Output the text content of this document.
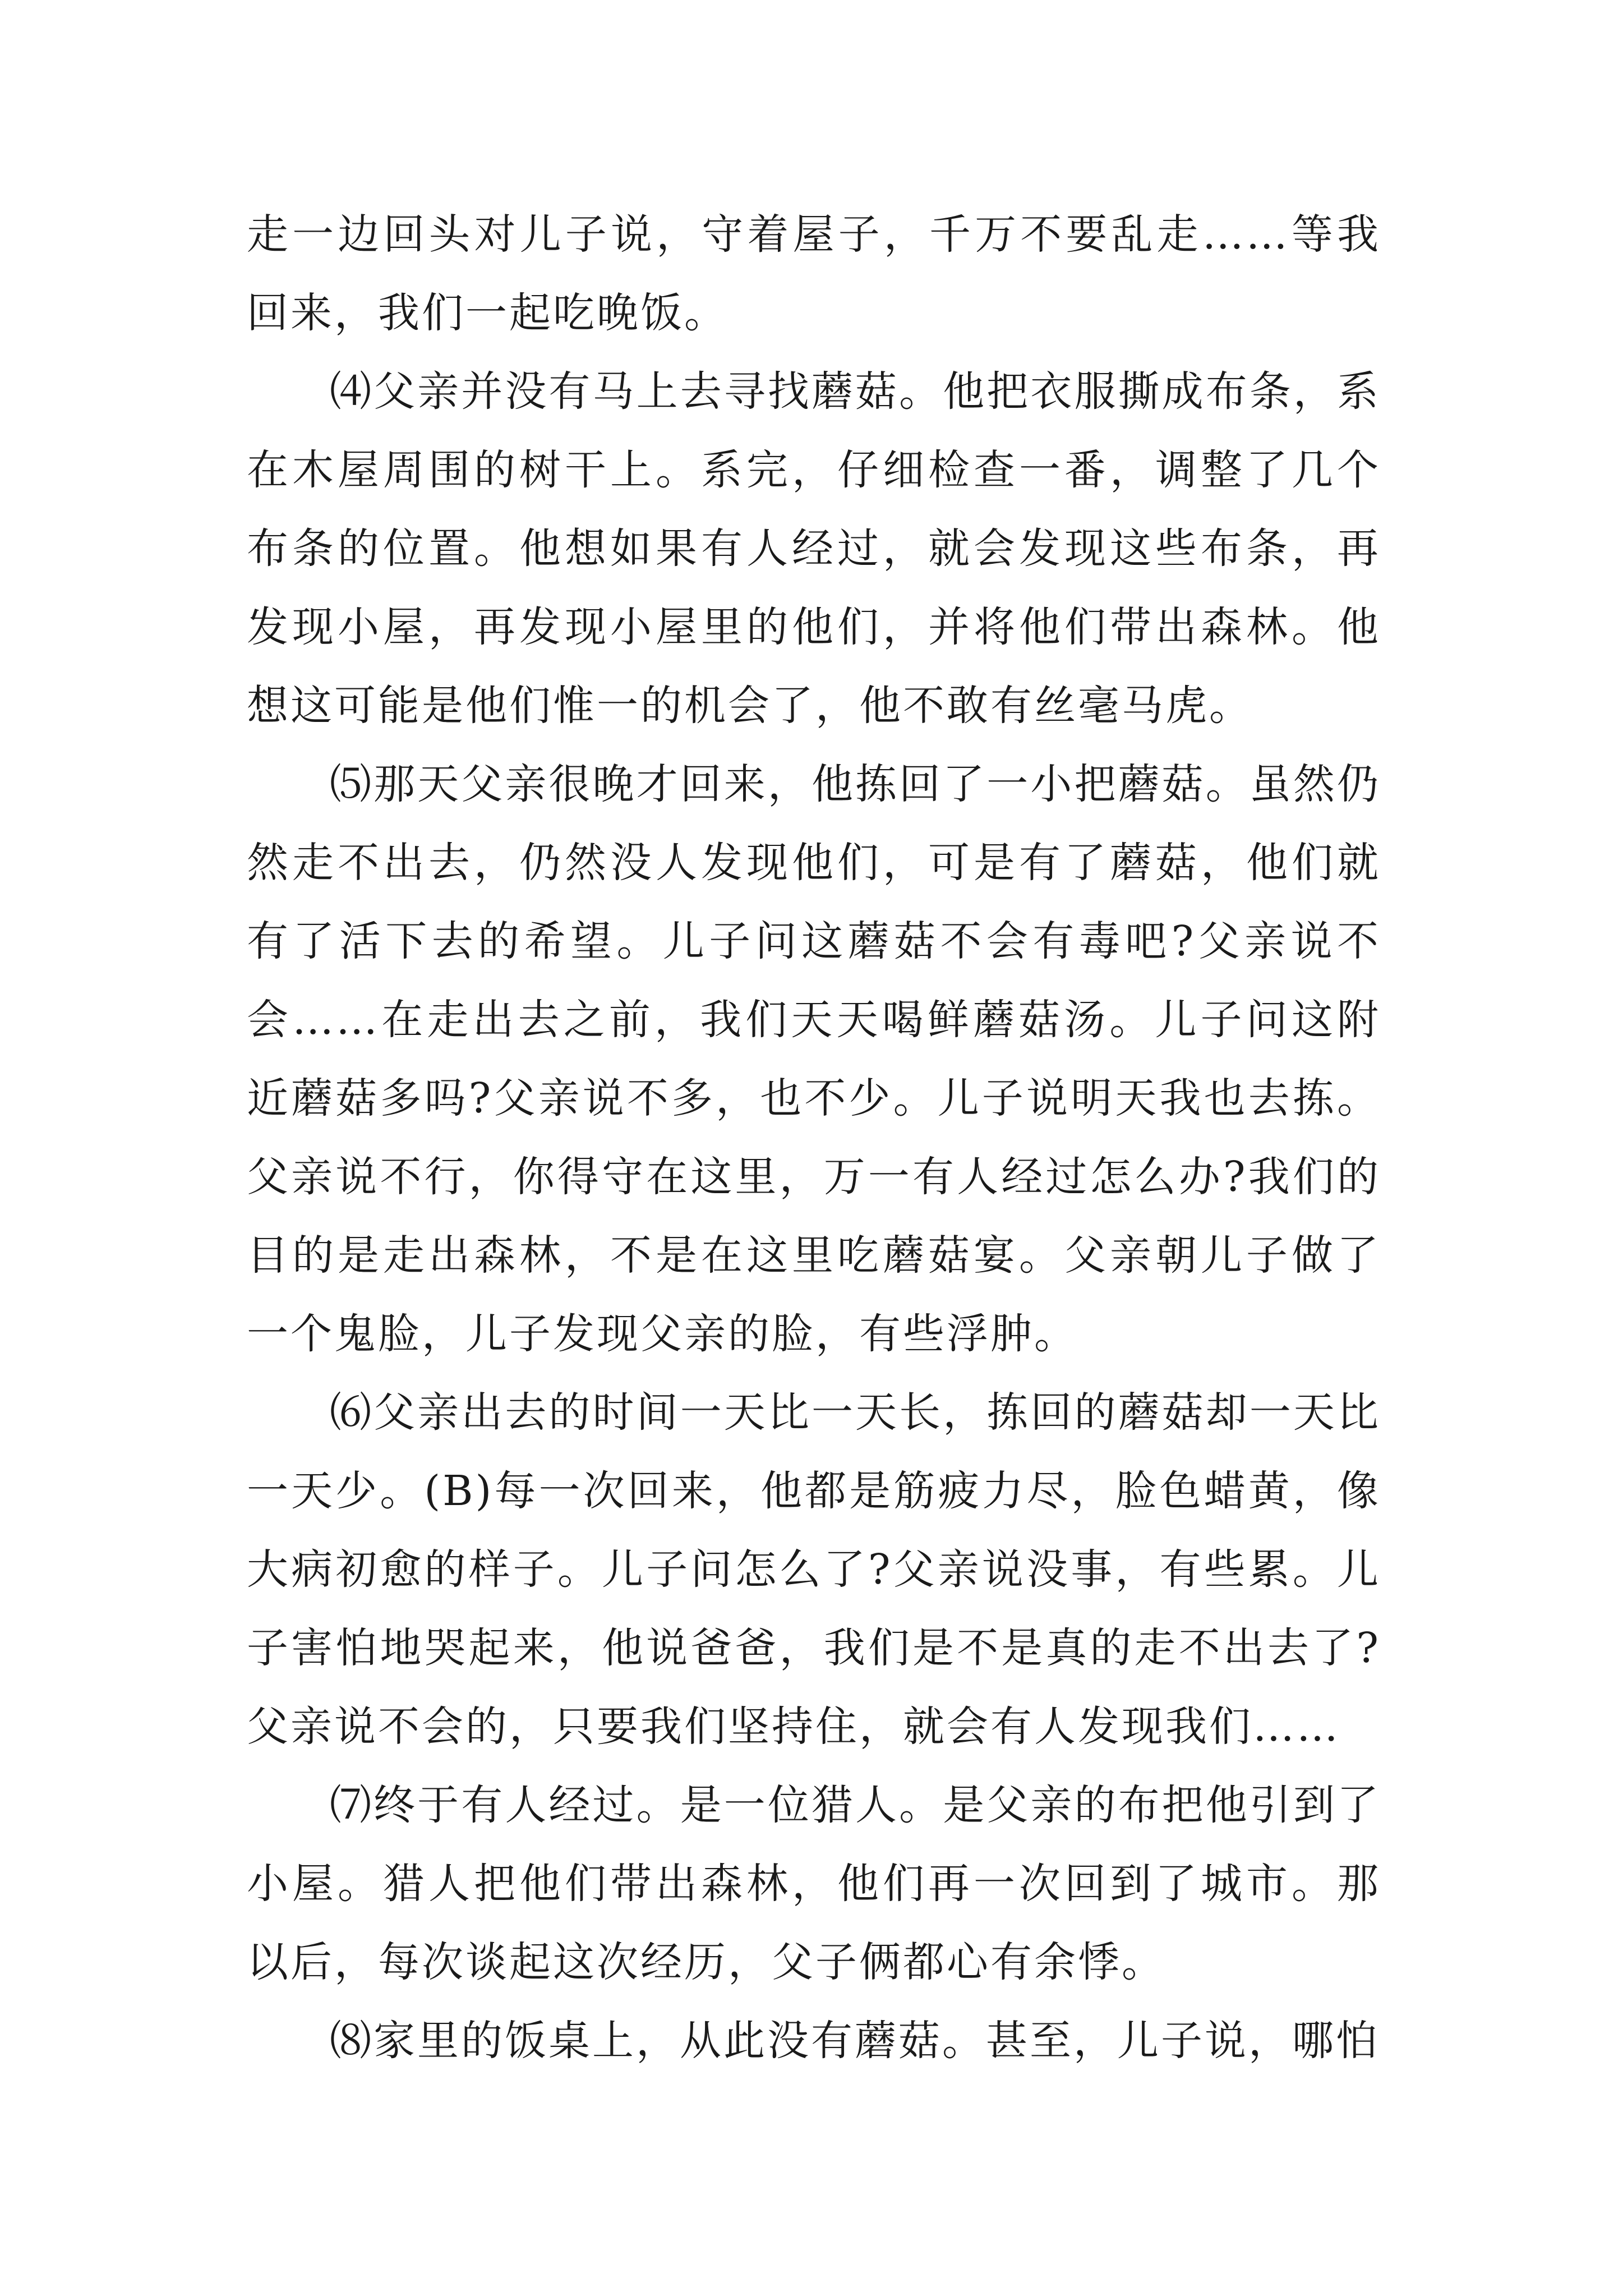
走一边回头对儿子说，守着屋子，千万不要乱走……等我回来，我们一起吃晚饭。

⑷父亲并没有马上去寻找蘑菇。他把衣服撕成布条，系在木屋周围的树干上。系完，仔细检查一番，调整了几个布条的位置。他想如果有人经过，就会发现这些布条，再发现小屋，再发现小屋里的他们，并将他们带出森林。他想这可能是他们惟一的机会了，他不敢有丝毫马虎。

⑸那天父亲很晚才回来，他拣回了一小把蘑菇。虽然仍然走不出去，仍然没人发现他们，可是有了蘑菇，他们就有了活下去的希望。儿子问这蘑菇不会有毒吧?父亲说不会……在走出去之前，我们天天喝鲜蘑菇汤。儿子问这附近蘑菇多吗?父亲说不多，也不少。儿子说明天我也去拣。父亲说不行，你得守在这里，万一有人经过怎么办?我们的目的是走出森林，不是在这里吃蘑菇宴。父亲朝儿子做了一个鬼脸，儿子发现父亲的脸，有些浮肿。

⑹父亲出去的时间一天比一天长，拣回的蘑菇却一天比一天少。(B)每一次回来，他都是筋疲力尽，脸色蜡黄，像大病初愈的样子。儿子问怎么了?父亲说没事，有些累。儿子害怕地哭起来，他说爸爸，我们是不是真的走不出去了?父亲说不会的，只要我们坚持住，就会有人发现我们……

⑺终于有人经过。是一位猎人。是父亲的布把他引到了小屋。猎人把他们带出森林，他们再一次回到了城市。那以后，每次谈起这次经历，父子俩都心有余悸。

⑻家里的饭桌上，从此没有蘑菇。甚至，儿子说，哪怕
